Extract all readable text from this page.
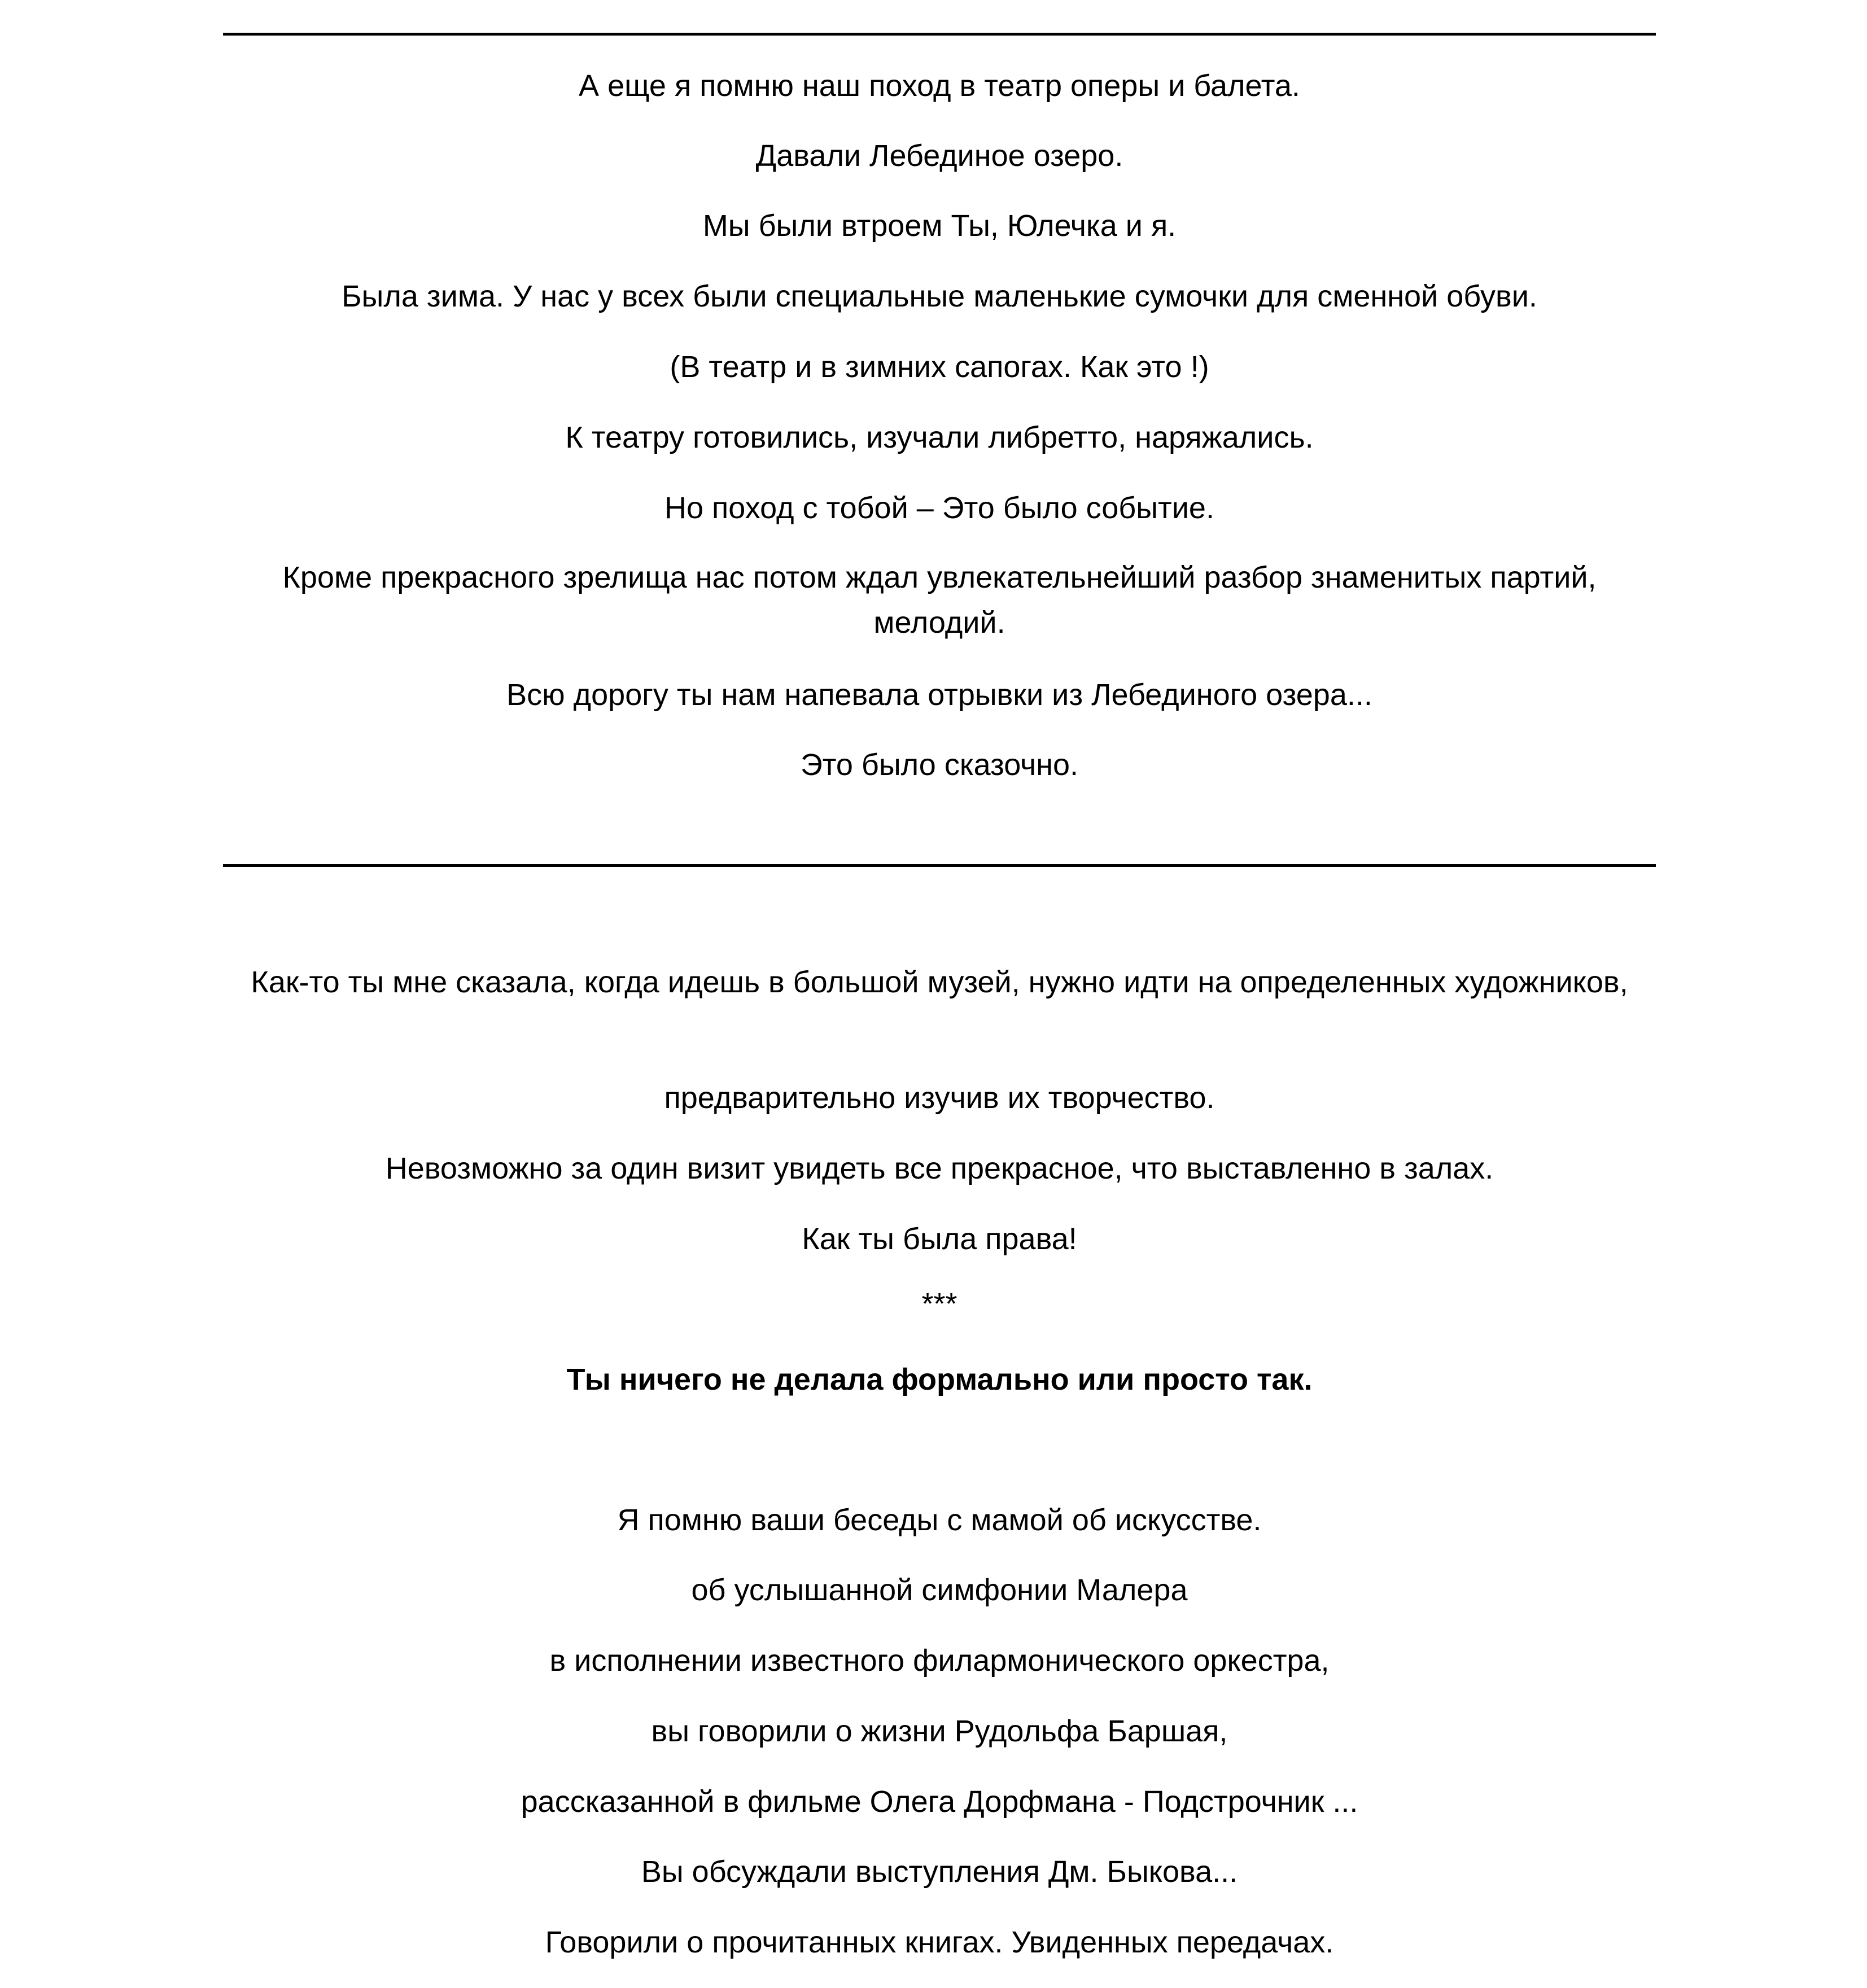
А еще я помню наш поход в театр оперы и балета.
Давали Лебединое озеро.
Мы были втроем Ты, Юлечка и я.
Была зима. У нас у всех были специальные маленькие сумочки для сменной обуви.
(В театр и в зимних сапогах. Как это !)
К театру готовились, изучали либретто, наряжались.
Но поход с тобой – Это было событие.
Кроме прекрасного зрелища нас потом ждал увлекательнейший разбор знаменитых партий, мелодий.
Всю дорогу ты нам напевала отрывки из Лебединого озера...
Это было сказочно.
Как-то ты мне сказала, когда идешь в большой музей, нужно идти на определенных художников,
предварительно изучив их творчество.
Невозможно за один визит увидеть все прекрасное, что выставленно в залах.
Как ты была права!
***
Ты ничего не делала формально или просто так.
Я помню ваши беседы с мамой об искусстве.
об услышанной симфонии Малера
в исполнении известного филармонического оркестра,
вы говорили о жизни Рудольфа Баршая,
рассказанной в фильме Олега Дорфмана - Подстрочник ...
Вы обсуждали выступления Дм. Быкова...
Говорили о прочитанных книгах. Увиденных передачах.
